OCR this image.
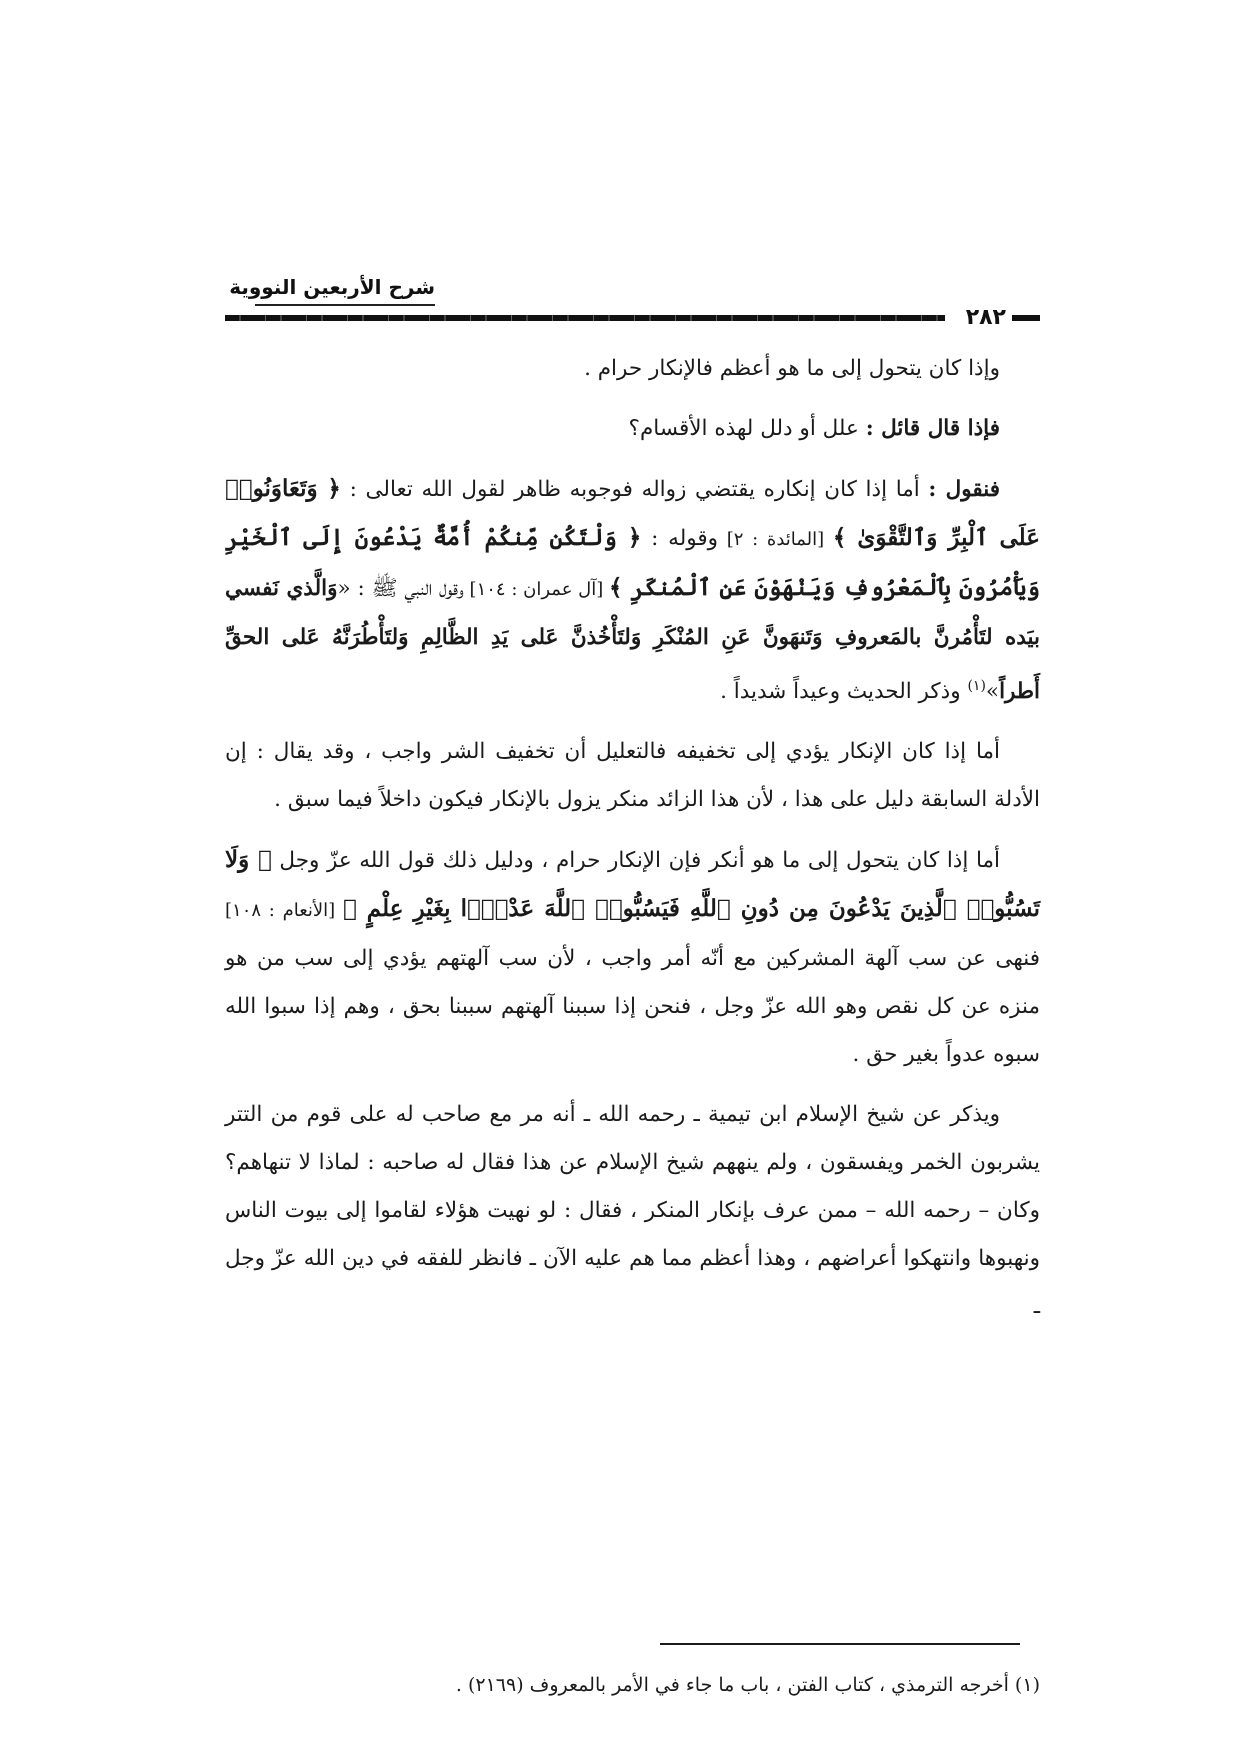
شرح الأربعين النووية
٢٨٢

وإذا كان يتحول إلى ما هو أعظم فالإنكار حرام .

فإذا قال قائل : علل أو دلل لهذه الأقسام؟

فنقول : أما إذا كان إنكاره يقتضي زواله فوجوبه ظاهر لقول الله تعالى : ﴿ وَتَعَاوَنُوا۟ عَلَى ٱلْبِرِّ وَٱلتَّقْوَىٰ ﴾ [المائدة : ٢] وقوله : ﴿ وَلْتَكُن مِّنكُمْ أُمَّةٌ يَدْعُونَ إِلَى ٱلْخَيْرِ وَيَأْمُرُونَ بِٱلْمَعْرُوفِ وَيَنْهَوْنَ عَنِ ٱلْمُنكَرِ ﴾ [آل عمران : ١٠٤] وقول النبي ﷺ : «وَالَّذي نَفسي بيَده لتَأْمُرنَّ بالمَعروفِ وَتَنهَونَّ عَنِ المُنْكَرِ وَلتَأْخُذنَّ عَلى يَدِ الظَّالِمِ وَلتَأْطُرَنَّهُ عَلى الحقِّ أَطراً»$^{(١)}$ وذكر الحديث وعيداً شديداً .

أما إذا كان الإنكار يؤدي إلى تخفيفه فالتعليل أن تخفيف الشر واجب ، وقد يقال : إن الأدلة السابقة دليل على هذا ، لأن هذا الزائد منكر يزول بالإنكار فيكون داخلاً فيما سبق .

أما إذا كان يتحول إلى ما هو أنكر فإن الإنكار حرام ، ودليل ذلك قول الله عزّ وجل ﴿ وَلَا تَسُبُّوا۟ ٱلَّذِينَ يَدْعُونَ مِن دُونِ ٱللَّهِ فَيَسُبُّوا۟ ٱللَّهَ عَدْوًۢا بِغَيْرِ عِلْمٍ ﴾ [الأنعام : ١٠٨] فنهى عن سب آلهة المشركين مع أنّه أمر واجب ، لأن سب آلهتهم يؤدي إلى سب من هو منزه عن كل نقص وهو الله عزّ وجل ، فنحن إذا سببنا آلهتهم سببنا بحق ، وهم إذا سبوا الله سبوه عدواً بغير حق .

ويذكر عن شيخ الإسلام ابن تيمية ـ رحمه الله ـ أنه مر مع صاحب له على قوم من التتر يشربون الخمر ويفسقون ، ولم ينههم شيخ الإسلام عن هذا فقال له صاحبه : لماذا لا تنهاهم؟ وكان – رحمه الله – ممن عرف بإنكار المنكر ، فقال : لو نهيت هؤلاء لقاموا إلى بيوت الناس ونهبوها وانتهكوا أعراضهم ، وهذا أعظم مما هم عليه الآن ـ فانظر للفقه في دين الله عزّ وجل ـ

(١) أخرجه الترمذي ، كتاب الفتن ، باب ما جاء في الأمر بالمعروف (٢١٦٩) .
